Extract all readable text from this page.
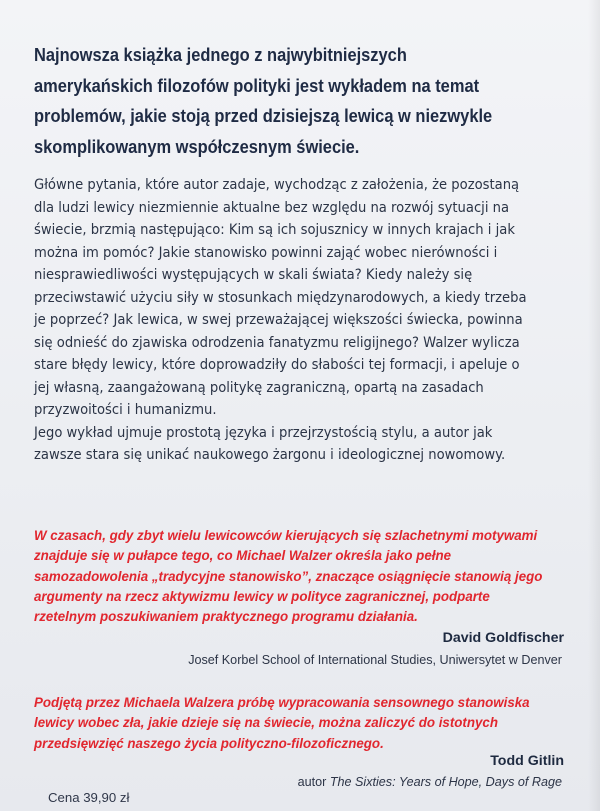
Najnowsza książka jednego z najwybitniejszych amerykańskich filozofów polityki jest wykładem na temat problemów, jakie stoją przed dzisiejszą lewicą w niezwykle skomplikowanym współczesnym świecie.

Główne pytania, które autor zadaje, wychodząc z założenia, że pozostaną dla ludzi lewicy niezmiennie aktualne bez względu na rozwój sytuacji na świecie, brzmią następująco: Kim są ich sojusznicy w innych krajach i jak można im pomóc? Jakie stanowisko powinni zająć wobec nierówności i niesprawiedliwości występujących w skali świata? Kiedy należy się przeciwstawić użyciu siły w stosunkach międzynarodowych, a kiedy trzeba je poprzeć? Jak lewica, w swej przeważającej większości świecka, powinna się odnieść do zjawiska odrodzenia fanatyzmu religijnego? Walzer wylicza stare błędy lewicy, które doprowadziły do słabości tej formacji, i apeluje o jej własną, zaangażowaną politykę zagraniczną, opartą na zasadach przyzwoitości i humanizmu.
Jego wykład ujmuje prostotą języka i przejrzystością stylu, a autor jak zawsze stara się unikać naukowego żargonu i ideologicznej nowomowy.

W czasach, gdy zbyt wielu lewicowców kierujących się szlachetnymi motywami znajduje się w pułapce tego, co Michael Walzer określa jako pełne samozadowolenia „tradycyjne stanowisko”, znaczące osiągnięcie stanowią jego argumenty na rzecz aktywizmu lewicy w polityce zagranicznej, podparte rzetelnym poszukiwaniem praktycznego programu działania.

David Goldfischer

Josef Korbel School of International Studies, Uniwersytet w Denver

Podjętą przez Michaela Walzera próbę wypracowania sensownego stanowiska lewicy wobec zła, jakie dzieje się na świecie, można zaliczyć do istotnych przedsięwzięć naszego życia polityczno-filozoficznego.

Todd Gitlin

autor The Sixties: Years of Hope, Days of Rage

Cena 39,90 zł
